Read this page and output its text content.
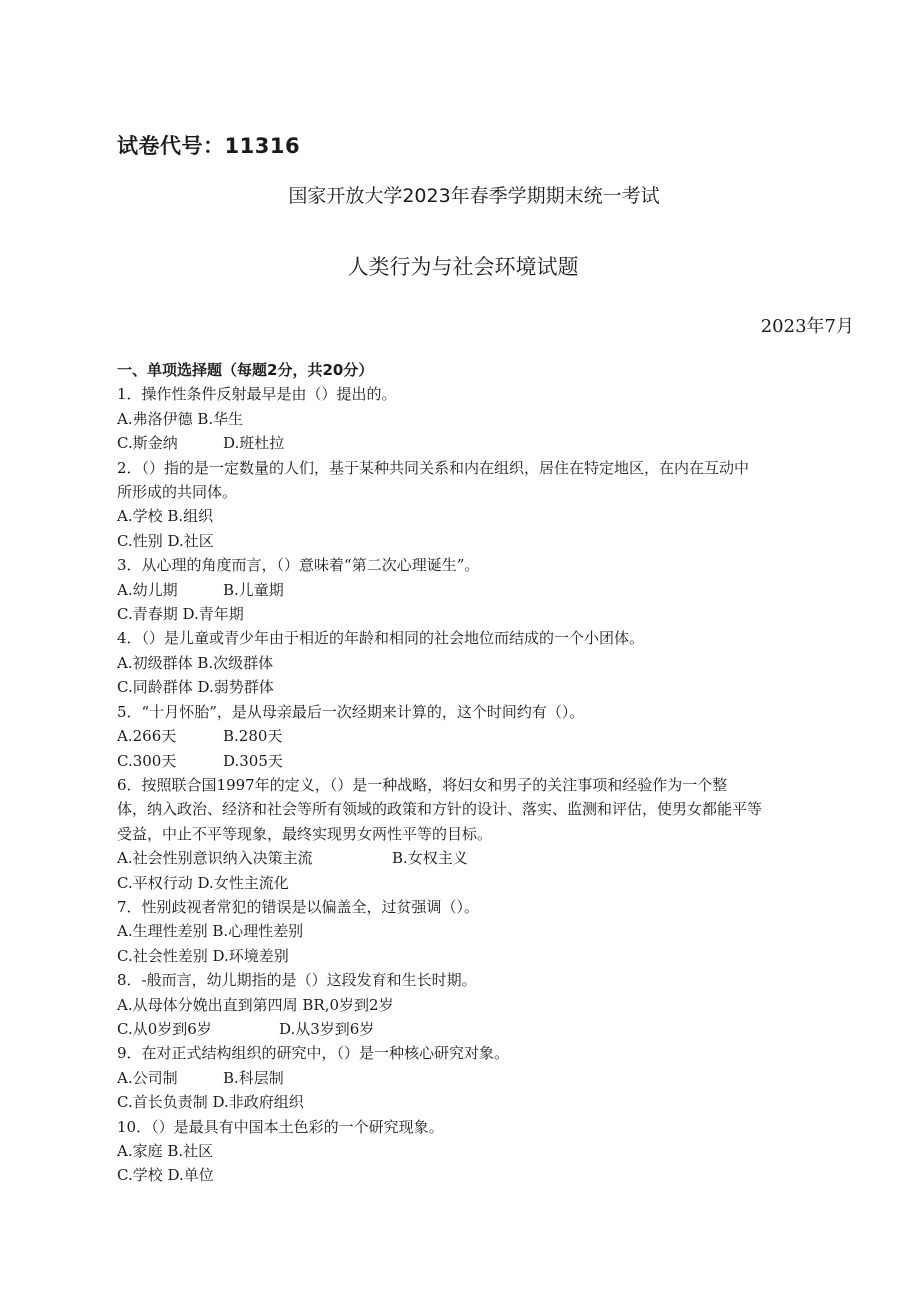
试卷代号：11316
国家开放大学2023年春季学期期末统一考试
人类行为与社会环境试题
2023年7月

一、单项选择题（每题2分，共20分）

1．操作性条件反射最早是由（）提出的。

A.弗洛伊德 B.华生

C.斯金纳	D.班杜拉

2．（）指的是一定数量的人们，基于某种共同关系和内在组织，居住在特定地区，在内在互动中

所形成的共同体。

A.学校 B.组织

C.性别 D.社区

3．从心理的角度而言，（）意味着“第二次心理诞生”。

A.幼儿期	B.儿童期

C.青春期 D.青年期

4．（）是儿童或青少年由于相近的年龄和相同的社会地位而结成的一个小团体。

A.初级群体 B.次级群体

C.同龄群体 D.弱势群体

5．“十月怀胎”，是从母亲最后一次经期来计算的，这个时间约有（）。

A.266天	B.280天

C.300天	D.305天

6．按照联合国1997年的定义，（）是一种战略，将妇女和男子的关注事项和经验作为一个整

体，纳入政治、经济和社会等所有领域的政策和方针的设计、落实、监测和评估，使男女都能平等

受益，中止不平等现象，最终实现男女两性平等的目标。

A.社会性别意识纳入决策主流	B.女权主义

C.平权行动 D.女性主流化

7．性别歧视者常犯的错误是以偏盖全，过贫强调（）。

A.生理性差别 B.心理性差别

C.社会性差别 D.环境差别

8．-般而言，幼儿期指的是（）这段发育和生长时期。

A.从母体分娩出直到第四周 BR,0岁到2岁

C.从0岁到6岁	D.从3岁到6岁

9．在对正式结构组织的研究中，（）是一种核心研究对象。

A.公司制	B.科层制

C.首长负责制 D.非政府组织

10．（）是最具有中国本土色彩的一个研究现象。

A.家庭 B.社区

C.学校 D.单位
